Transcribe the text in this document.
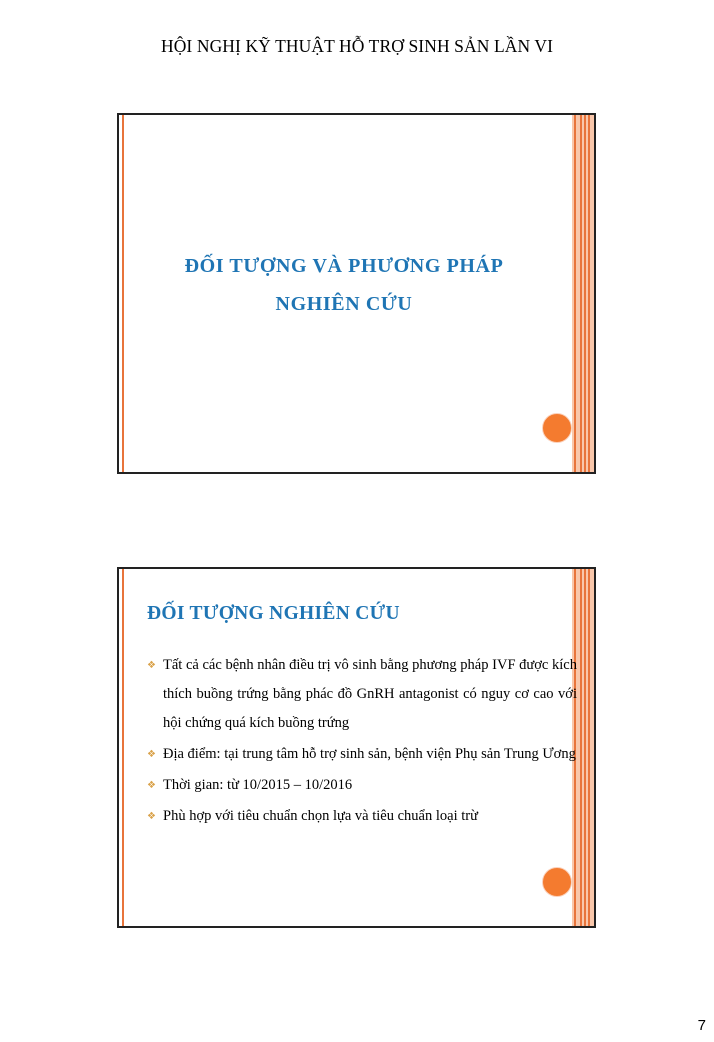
HỘI NGHỊ KỸ THUẬT HỖ TRỢ SINH SẢN LẦN VI
ĐỐI TƯỢNG VÀ PHƯƠNG PHÁP
NGHIÊN CỨU
ĐỐI TƯỢNG NGHIÊN CỨU
❖ Tất cả các bệnh nhân điều trị vô sinh bằng phương pháp IVF được kích thích buồng trứng bằng phác đồ GnRH antagonist có nguy cơ cao với hội chứng quá kích buồng trứng
❖ Địa điểm: tại trung tâm hỗ trợ sinh sản, bệnh viện Phụ sản Trung Ương
❖ Thời gian: từ 10/2015 – 10/2016
❖ Phù hợp với tiêu chuẩn chọn lựa và tiêu chuẩn loại trừ
7
